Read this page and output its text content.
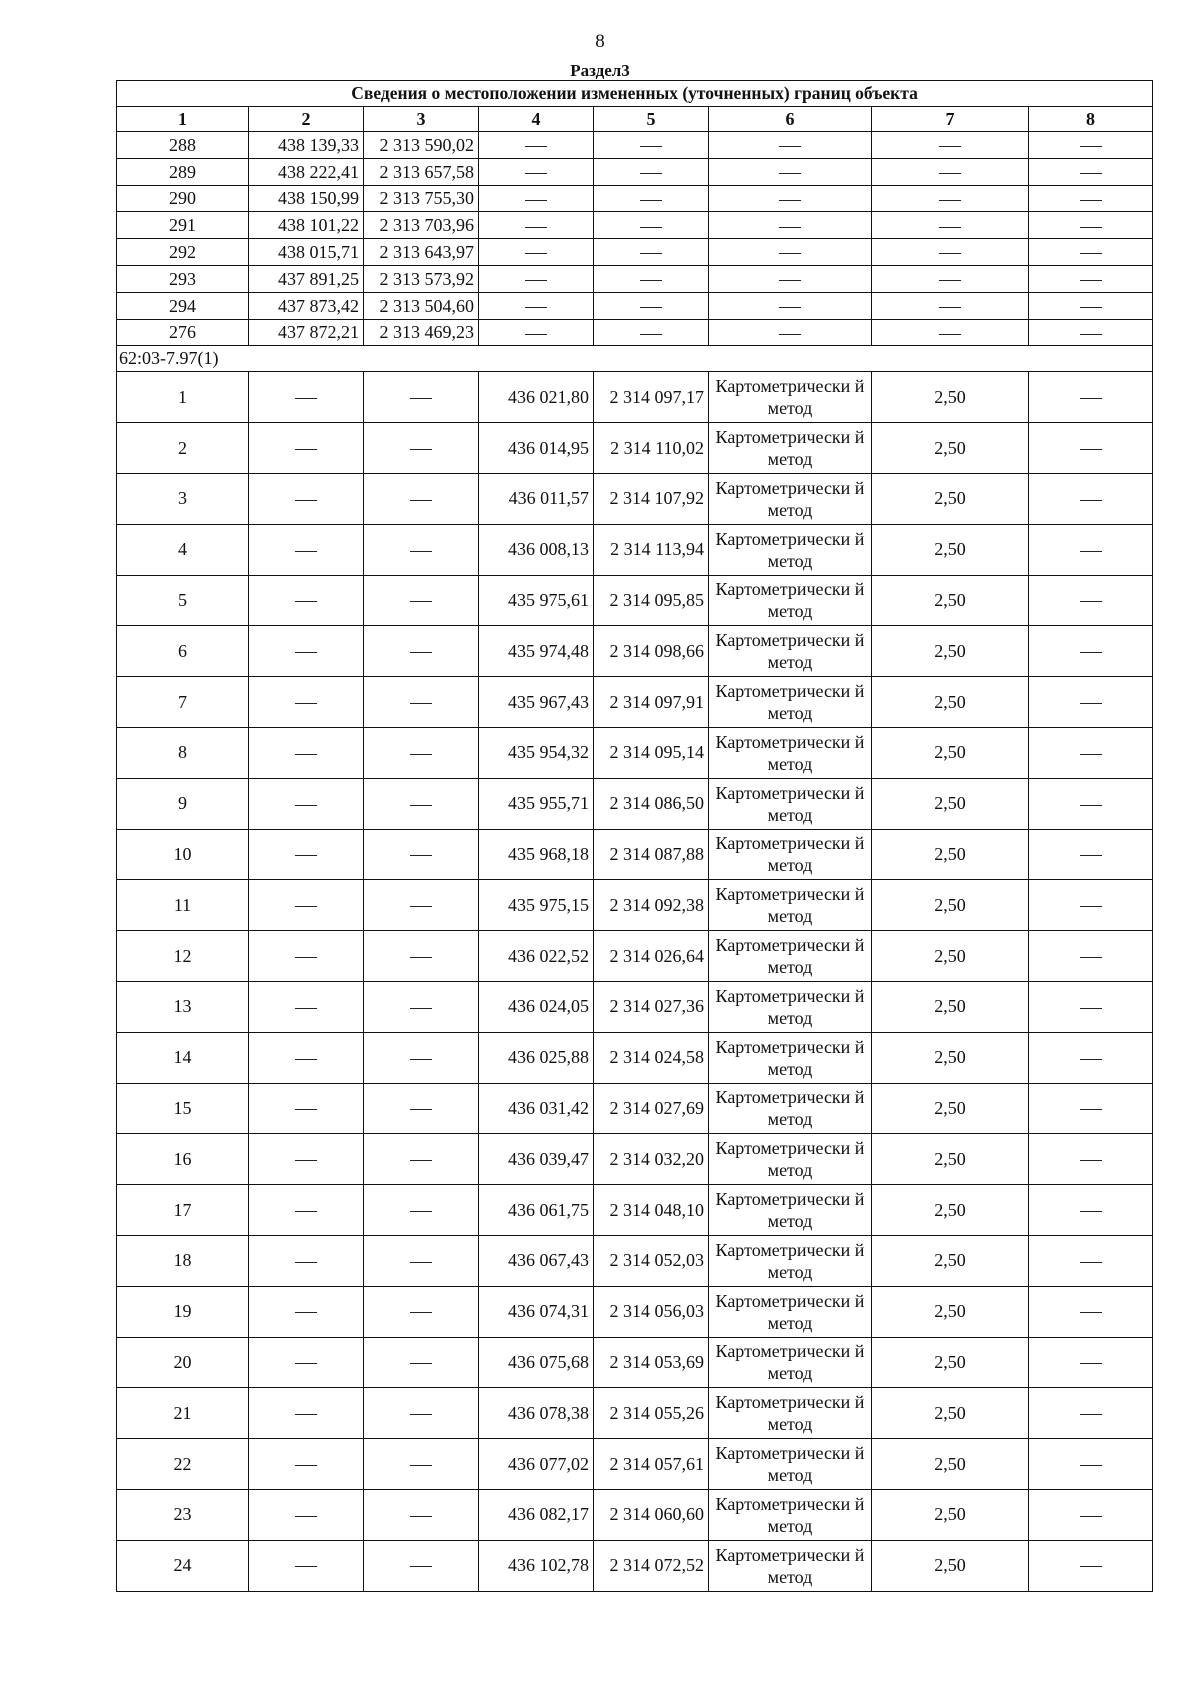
8
Раздел3
Сведения о местоположении измененных (уточненных) границ объекта							
1	2	3	4	5	6	7	8
288	438 139,33	2 313 590,02					
289	438 222,41	2 313 657,58					
290	438 150,99	2 313 755,30					
291	438 101,22	2 313 703,96					
292	438 015,71	2 313 643,97					
293	437 891,25	2 313 573,92					
294	437 873,42	2 313 504,60					
276	437 872,21	2 313 469,23					
62:03-7.97(1)							
1			436 021,80	2 314 097,17	Картометрически й метод	2,50	
2			436 014,95	2 314 110,02	Картометрически й метод	2,50	
3			436 011,57	2 314 107,92	Картометрически й метод	2,50	
4			436 008,13	2 314 113,94	Картометрически й метод	2,50	
5			435 975,61	2 314 095,85	Картометрически й метод	2,50	
6			435 974,48	2 314 098,66	Картометрически й метод	2,50	
7			435 967,43	2 314 097,91	Картометрически й метод	2,50	
8			435 954,32	2 314 095,14	Картометрически й метод	2,50	
9			435 955,71	2 314 086,50	Картометрически й метод	2,50	
10			435 968,18	2 314 087,88	Картометрически й метод	2,50	
11			435 975,15	2 314 092,38	Картометрически й метод	2,50	
12			436 022,52	2 314 026,64	Картометрически й метод	2,50	
13			436 024,05	2 314 027,36	Картометрически й метод	2,50	
14			436 025,88	2 314 024,58	Картометрически й метод	2,50	
15			436 031,42	2 314 027,69	Картометрически й метод	2,50	
16			436 039,47	2 314 032,20	Картометрически й метод	2,50	
17			436 061,75	2 314 048,10	Картометрически й метод	2,50	
18			436 067,43	2 314 052,03	Картометрически й метод	2,50	
19			436 074,31	2 314 056,03	Картометрически й метод	2,50	
20			436 075,68	2 314 053,69	Картометрически й метод	2,50	
21			436 078,38	2 314 055,26	Картометрически й метод	2,50	
22			436 077,02	2 314 057,61	Картометрически й метод	2,50	
23			436 082,17	2 314 060,60	Картометрически й метод	2,50	
24			436 102,78	2 314 072,52	Картометрически й метод	2,50	
